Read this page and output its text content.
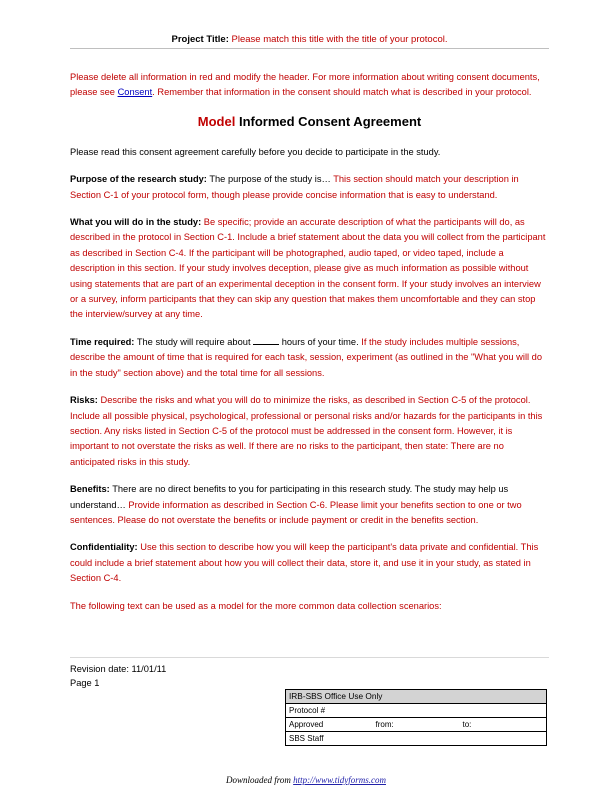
Project Title: Please match this title with the title of your protocol.

Please delete all information in red and modify the header. For more information about writing consent documents, please see Consent. Remember that information in the consent should match what is described in your protocol.

Model Informed Consent Agreement

Please read this consent agreement carefully before you decide to participate in the study.

Purpose of the research study: The purpose of the study is… This section should match your description in Section C-1 of your protocol form, though please provide concise information that is easy to understand.

What you will do in the study: Be specific; provide an accurate description of what the participants will do, as described in the protocol in Section C-1. Include a brief statement about the data you will collect from the participant as described in Section C-4. If the participant will be photographed, audio taped, or video taped, include a description in this section. If your study involves deception, please give as much information as possible without using statements that are part of an experimental deception in the consent form. If your study involves an interview or a survey, inform participants that they can skip any question that makes them uncomfortable and they can stop the interview/survey at any time.

Time required: The study will require about	hours of your time. If the study includes multiple sessions, describe the amount of time that is required for each task, session, experiment (as outlined in the "What you will do in the study" section above) and the total time for all sessions.

Risks: Describe the risks and what you will do to minimize the risks, as described in Section C-5 of the protocol. Include all possible physical, psychological, professional or personal risks and/or hazards for the participants in this section. Any risks listed in Section C-5 of the protocol must be addressed in the consent form. However, it is important to not overstate the risks as well. If there are no risks to the participant, then state: There are no anticipated risks in this study.

Benefits: There are no direct benefits to you for participating in this research study. The study may help us understand… Provide information as described in Section C-6. Please limit your benefits section to one or two sentences. Please do not overstate the benefits or include payment or credit in the benefits section.

Confidentiality: Use this section to describe how you will keep the participant's data private and confidential. This could include a brief statement about how you will collect their data, store it, and use it in your study, as stated in Section C-4.

The following text can be used as a model for the more common data collection scenarios:

Revision date: 11/01/11
Page 1
IRB-SBS Office Use Only		
Protocol #		
Approved	from:	to:
SBS Staff		
Downloaded from http://www.tidyforms.com
